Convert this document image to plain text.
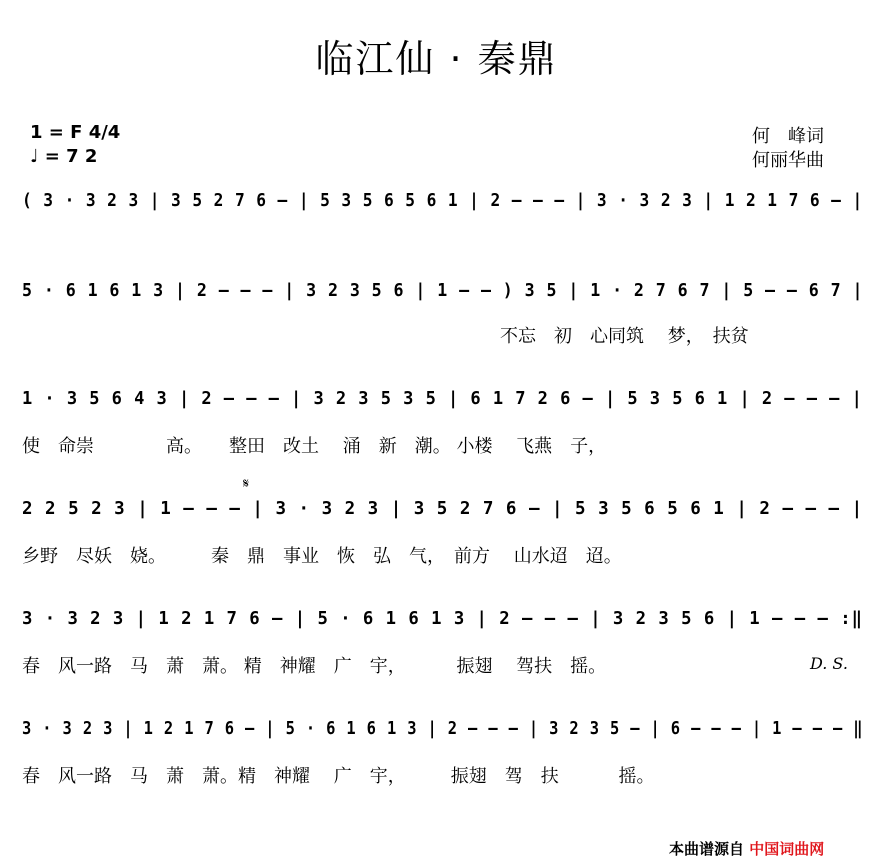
临江仙 · 秦鼎
1 = F 4/4
♩ = 7 2
何　峰词
何丽华曲
( 3 · 3 2 3 | 3 5 2 7 6 — | 5 3 5 6 5 6 1 | 2 — — — | 3 · 3 2 3 | 1 2 1 7 6 — |
5 · 6 1 6 1 3 | 2 — — — | 3 2 3 5 6 | 1 — — ) 3 5 | 1 · 2 7 6 7 | 5 — — 6 7 |
不忘　初　心同筑　 梦，　扶贫
1 · 3 5 6 4 3 | 2 — — — | 3 2 3 5 3 5 | 6 1 7 2 6 — | 5 3 5 6 1 | 2 — — — |
使　命崇　　　　高。　　整田　改土　 涌　新　潮。 小楼　 飞燕　子，
𝄋
2 2 5 2 3 | 1 — — — | 3 · 3 2 3 | 3 5 2 7 6 — | 5 3 5 6 5 6 1 | 2 — — — |
乡野　尽妖　娆。　　　秦　鼎　事业　恢　弘　气，　前方　 山水迢　迢。
3 · 3 2 3 | 1 2 1 7 6 — | 5 · 6 1 6 1 3 | 2 — — — | 3 2 3 5 6 | 1 — — — :‖
春　风一路　马　萧　萧。 精　神耀　广　宇，　　　 振翅　 驾扶　摇。	D. S.
3 · 3 2 3 | 1 2 1 7 6 — | 5 · 6 1 6 1 3 | 2 — — — | 3 2 3 5 — | 6 — — — | 1 — — — ‖
春　风一路　马　萧　萧。精　神耀　 广　宇，　　　振翅　驾　扶　　　 摇。
本曲谱源自 中国词曲网
